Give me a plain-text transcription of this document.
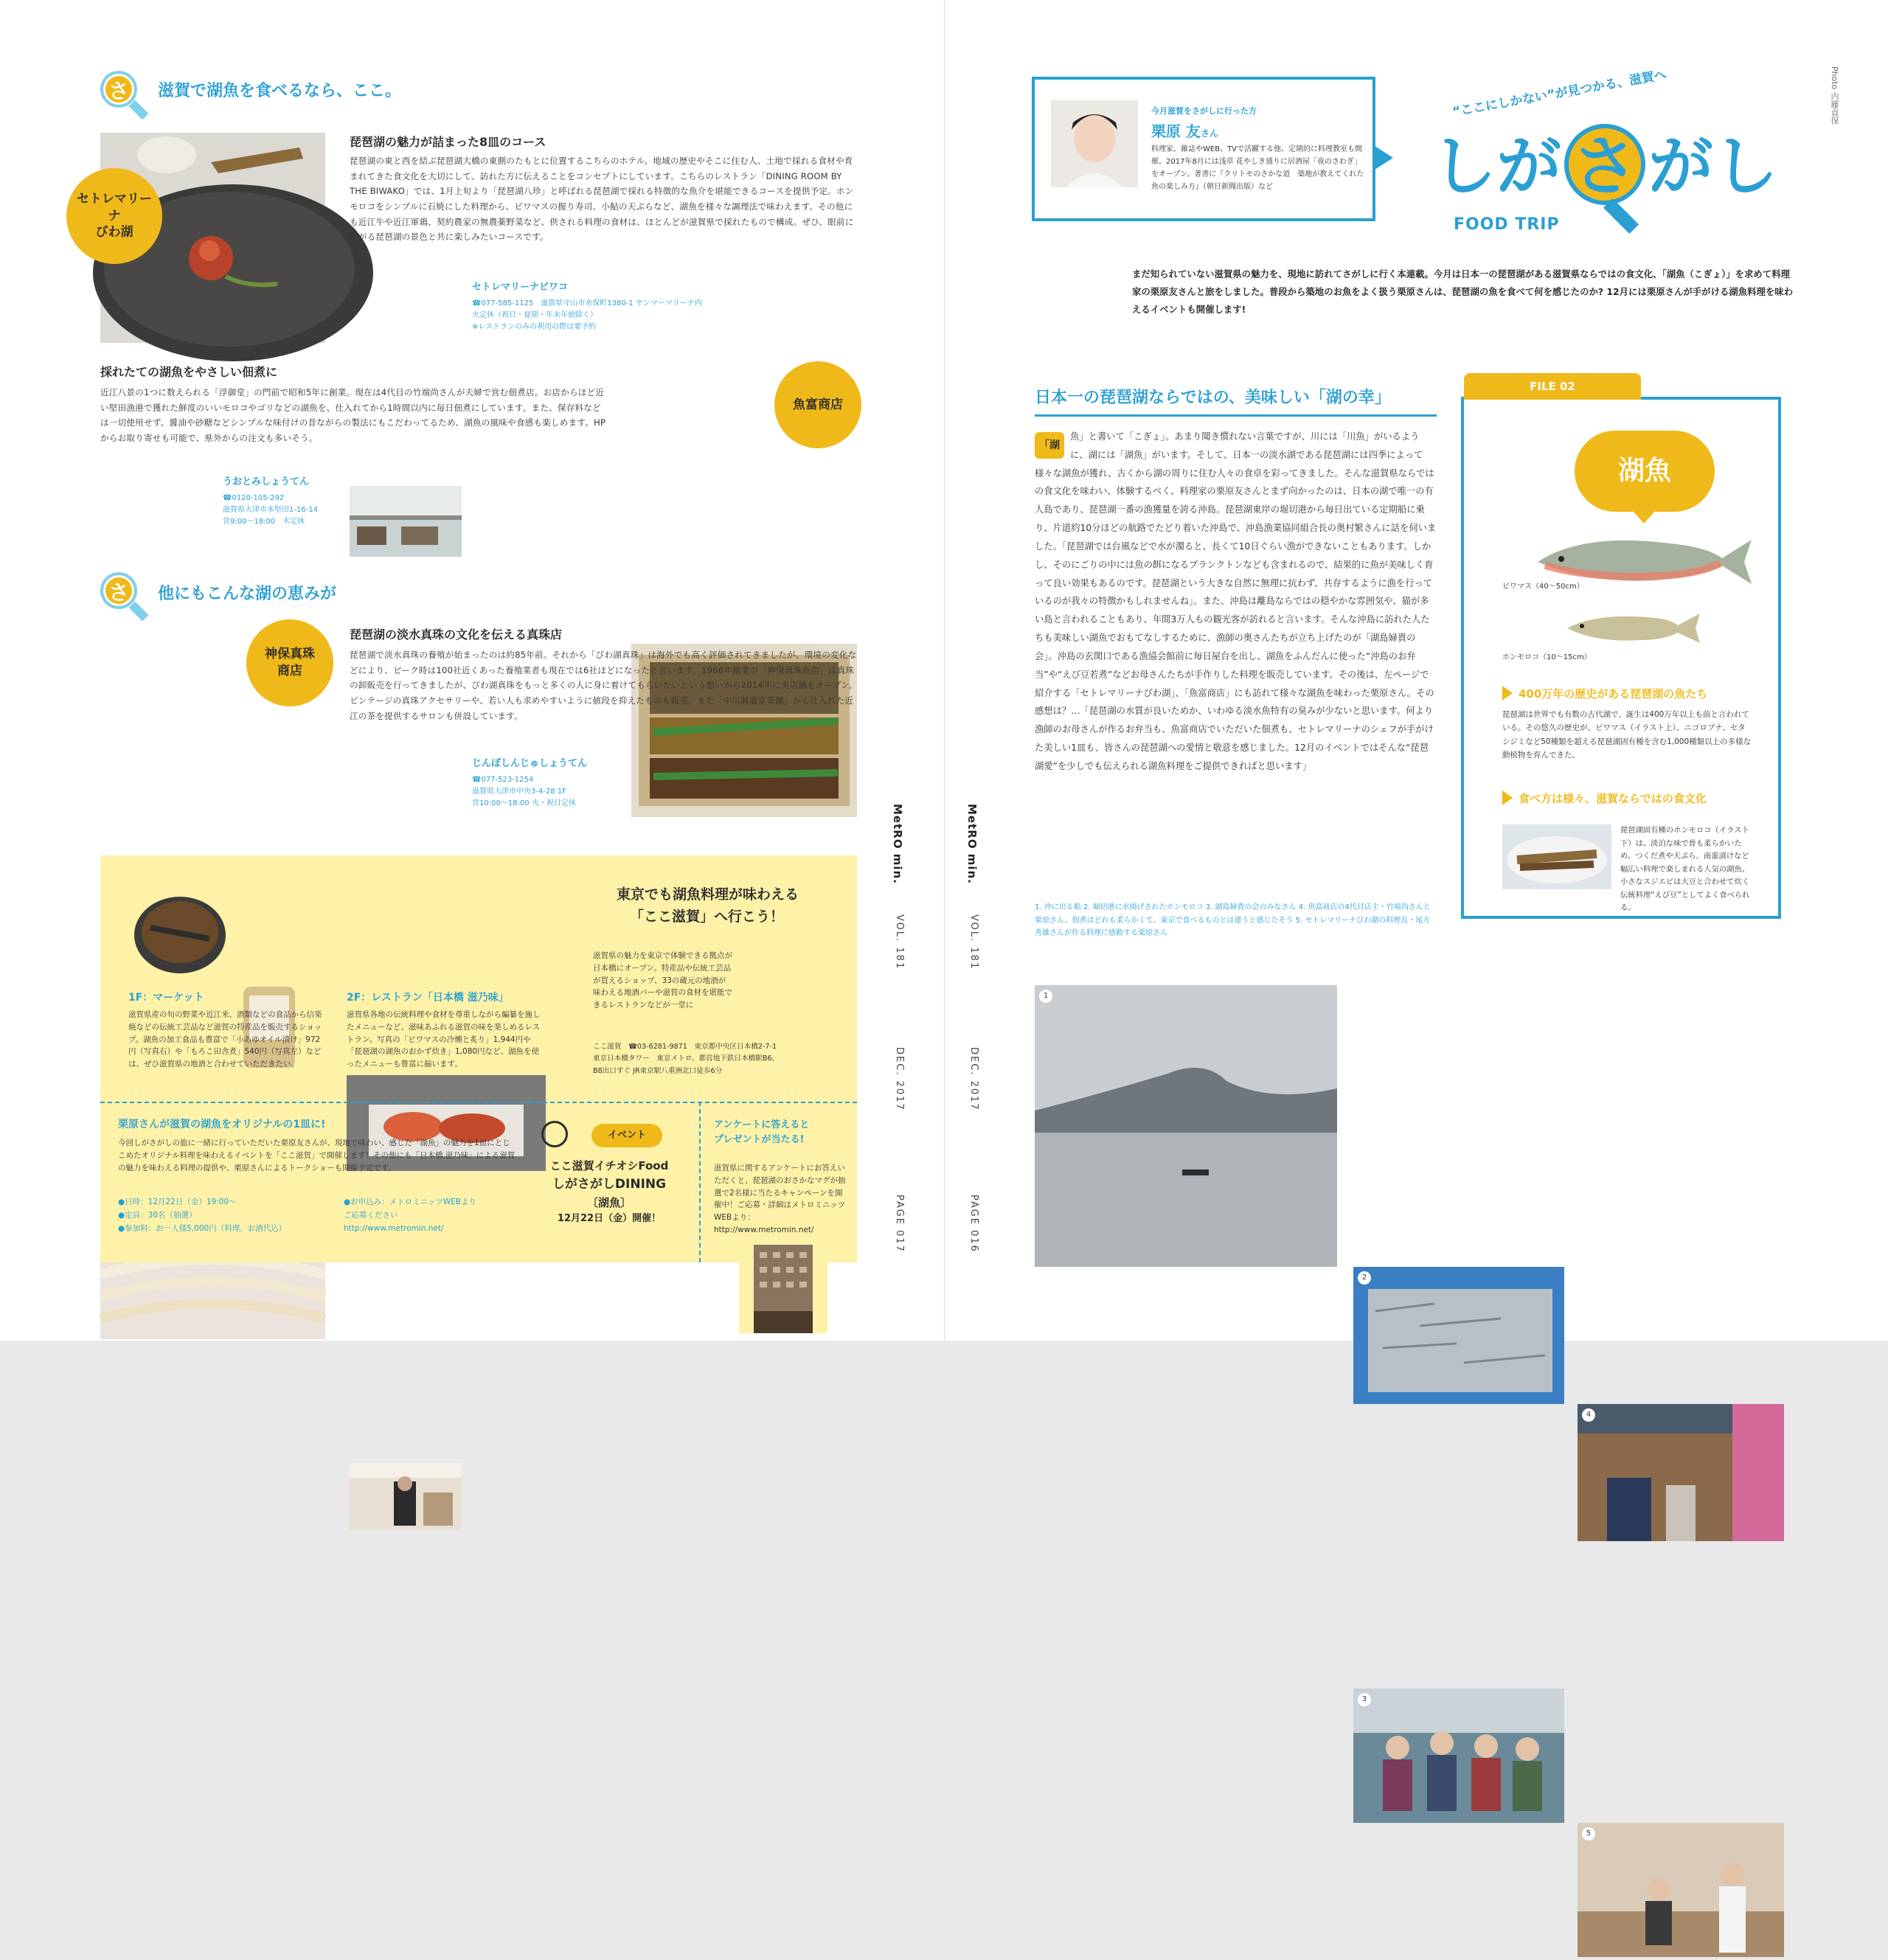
さ	滋賀で湖魚を食べるなら、ここ。
セトレマリーナ
びわ湖
琵琶湖の魅力が詰まった8皿のコース
琵琶湖の東と西を結ぶ琵琶湖大橋の東側のたもとに位置するこちらのホテル。地域の歴史やそこに住む人、土地で採れる食材や育まれてきた食文化を大切にして、訪れた方に伝えることをコンセプトにしています。こちらのレストラン「DINING ROOM BY THE BIWAKO」では、1月上旬より「琵琶湖八珍」と呼ばれる琵琶湖で採れる特徴的な魚介を堪能できるコースを提供予定。ホンモロコをシンプルに石焼にした料理から、ビワマスの握り寿司、小鮎の天ぷらなど、湖魚を様々な調理法で味わえます。その他にも近江牛や近江軍鶏、契約農家の無農薬野菜など、供される料理の食材は、ほとんどが滋賀県で採れたもので構成。ぜひ、眼前に広がる琵琶湖の景色と共に楽しみたいコースです。
セトレマリーナビワコ
☎077-585-1125　滋賀県守山市水保町1380-1 ヤンマーマリーナ内
火定休（祝日・夏期・年末年始除く）
※レストランのみの利用の際は要予約
採れたての湖魚をやさしい佃煮に
近江八景の1つに数えられる「浮御堂」の門前で昭和5年に創業。現在は4代目の竹端尚さんが夫婦で営む佃煮店。お店からほど近い堅田漁港で獲れた鮮度のいいモロコやゴリなどの湖魚を、仕入れてから1時間以内に毎日佃煮にしています。また、保存料などは一切使用せず、醤油や砂糖などシンプルな味付けの昔ながらの製法にもこだわってるため、湖魚の風味や食感も楽しめます。HPからお取り寄せも可能で、県外からの注文も多いそう。
魚富商店
うおとみしょうてん
☎0120-105-292
滋賀県大津市本堅田1-16-14
営9:00〜18:00　木定休
さ	他にもこんな湖の恵みが
神保真珠
商店
琵琶湖の淡水真珠の文化を伝える真珠店
琵琶湖で淡水真珠の養殖が始まったのは約85年前。それから「びわ湖真珠」は海外でも高く評価されてきましたが、環境の変化などにより、ピーク時は100社近くあった養殖業者も現在では6社ほどになったと言います。1966年創業の「神保真珠商店」は真珠の卸販売を行ってきましたが、びわ湖真珠をもっと多くの人に身に着けてもらいたいという想いから2014年に実店舗をオープン。ピンテージの真珠アクセサリーや、若い人も求めやすいように値段を抑えたものも販売。また「中川誠盛堂茶舗」から仕入れた近江の茶を提供するサロンも併設しています。
じんぼしんじゅしょうてん
☎077-523-1254
滋賀県大津市中央3-4-28 1F
営10:00〜18:00 火・祝日定休
1F：マーケット
滋賀県産の旬の野菜や近江米、酒類などの食品から信楽焼などの伝統工芸品など滋賀の特産品を販売するショップ。湖魚の加工食品も豊富で「小あゆオイル漬け」972円（写真右）や「もろこ田舎煮」540円（写真左）などは、ぜひ滋賀県の地酒と合わせていただきたい。
2F：レストラン「日本橋 滋乃味」
滋賀県各地の伝統料理や食材を尊重しながら編纂を施したメニューなど、滋味あふれる滋賀の味を楽しめるレストラン。写真の「ビワマスの冷燻と炙り」1,944円や「琵琶湖の湖魚のおかず炊き」1,080円など、湖魚を使ったメニューも豊富に揃います。
東京でも湖魚料理が味わえる
「ここ滋賀」へ行こう！
滋賀県の魅力を東京で体験できる拠点が日本橋にオープン。特産品や伝統工芸品が買えるショップ、33の蔵元の地酒が味わえる地酒バーや滋賀の食材を堪能できるレストランなどが一堂に
ここ滋賀　☎03-6281-9871　東京都中央区日本橋2-7-1
東京日本橋タワー　東京メトロ、都営地下鉄日本橋駅B6、
B8出口すぐ JR東京駅八重洲北口徒歩6分
栗原さんが滋賀の湖魚をオリジナルの1皿に!
今回しがさがしの旅に一緒に行っていただいた栗原友さんが、現地で味わい、感じた「湖魚」の魅力を1皿にとじこめたオリジナル料理を味わえるイベントを「ここ滋賀」で開催します！その他にも「日本橋 滋乃味」による滋賀の魅力を味わえる料理の提供や、栗原さんによるトークショーも開催予定です。
●日時：12月22日（金）19:00〜
●定員：30名（抽選）
●参加料：お一人様5,000円（料理、お酒代込）
●お申込み：メトロミニッツWEBより
ご応募ください
http://www.metromin.net/
イベント
ここ滋賀イチオシFood
しがさがしDINING
〔湖魚〕
12月22日（金）開催！
アンケートに答えると
プレゼントが当たる!
滋賀県に関するアンケートにお答えいただくと、琵琶湖のおさかなマグが抽選で2名様に当たるキャンペーンを開催中！ご応募・詳細はメトロミニッツWEBより：http://www.metromin.net/
MetRO min.
VOL. 181
DEC. 2017
PAGE 017
MetRO min.
VOL. 181
DEC. 2017
PAGE 016
今月滋賀をさがしに行った方
栗原 友さん
料理家。雑誌やWEB、TVで活躍する他、定期的に料理教室も開催。2017年8月には浅草 花やしき通りに居酒屋「夜のさわぎ」をオープン。著書に『クリトモのさかな道　築地が教えてくれた魚の楽しみ方』（朝日新聞出版）など
“ここにしかない”が見つかる、滋賀へ
しが さ がし
FOOD TRIP
Photo 内藤貞保
まだ知られていない滋賀県の魅力を、現地に訪れてさがしに行く本連載。今月は日本一の琵琶湖がある滋賀県ならではの食文化、「湖魚（こぎょ）」を求めて料理家の栗原友さんと旅をしました。普段から築地のお魚をよく扱う栗原さんは、琵琶湖の魚を食べて何を感じたのか? 12月には栗原さんが手がける湖魚料理を味わえるイベントも開催します!
日本一の琵琶湖ならではの、美味しい「湖の幸」
「湖
魚」と書いて「こぎょ」。あまり聞き慣れない言葉ですが、川には「川魚」がいるように、湖には「湖魚」がいます。そして、日本一の淡水湖である琵琶湖には四季によって様々な湖魚が獲れ、古くから湖の周りに住む人々の食卓を彩ってきました。そんな滋賀県ならではの食文化を味わい、体験するべく、料理家の栗原友さんとまず向かったのは、日本の湖で唯一の有人島であり、琵琶湖一番の漁獲量を誇る沖島。琵琶湖東岸の堀切港から毎日出ている定期船に乗り、片道約10分ほどの航路でたどり着いた沖島で、沖島漁業協同組合長の奥村繁さんに話を伺いました。「琵琶湖では台風などで水が濁ると、長くて10日ぐらい漁ができないこともあります。しかし、そのにごりの中には魚の餌になるプランクトンなども含まれるので、結果的に魚が美味しく育って良い効果もあるのです。琵琶湖という大きな自然に無理に抗わず、共存するように漁を行っているのが我々の特徴かもしれませんね」。また、沖島は離島ならではの穏やかな雰囲気や、猫が多い島と言われることもあり、年間3万人もの観光客が訪れると言います。そんな沖島に訪れた人たちも美味しい湖魚でおもてなしするために、漁師の奥さんたちが立ち上げたのが「湖島婦貴の会」。沖島の玄関口である漁協会館前に毎日屋台を出し、湖魚をふんだんに使った“沖島のお弁当”や“えび豆若煮”などお母さんたちが手作りした料理を販売しています。その後は、左ページで紹介する「セトレマリーナびわ湖」、「魚富商店」にも訪れて様々な湖魚を味わった栗原さん。その感想は？…「琵琶湖の水質が良いためか、いわゆる淡水魚特有の臭みが少ないと思います。何より漁師のお母さんが作るお弁当も、魚富商店でいただいた佃煮も、セトレマリーナのシェフが手がけた美しい1皿も、皆さんの琵琶湖への愛情と敬意を感じました。12月のイベントではそんな“琵琶湖愛”を少しでも伝えられる湖魚料理をご提供できればと思います」
1. 沖に出る船 2. 堀切港に水揚げされたホンモロコ 3. 湖島婦貴の会のみなさん 4. 魚富商店の4代目店主・竹端尚さんと栗原さん。佃煮はどれも柔らかくて、東京で食べるものとは違うと感じたそう 5. セトレマリーナびわ湖の料理長・尾方秀雄さんが作る料理に感動する栗原さん
FILE 02
湖魚
ビワマス（40〜50cm）
ホンモロコ（10〜15cm）
400万年の歴史がある琵琶湖の魚たち
琵琶湖は世界でも有数の古代湖で、誕生は400万年以上も前と言われている。その悠久の歴史が、ビワマス（イラスト上）、ニゴロブナ、セタシジミなど50種類を超える琵琶湖固有種を含む1,000種類以上の多様な動植物を育んできた。
食べ方は様々、滋賀ならではの食文化
琵琶湖固有種のホンモロコ（イラスト下）は、淡泊な味で骨も柔らかいため、つくだ煮や天ぷら、南蛮漬けなど幅広い料理で楽しまれる人気の湖魚。小さなスジエビは大豆と合わせて炊く伝統料理“えび豆”としてよく食べられる。
1
2
4
3
5
